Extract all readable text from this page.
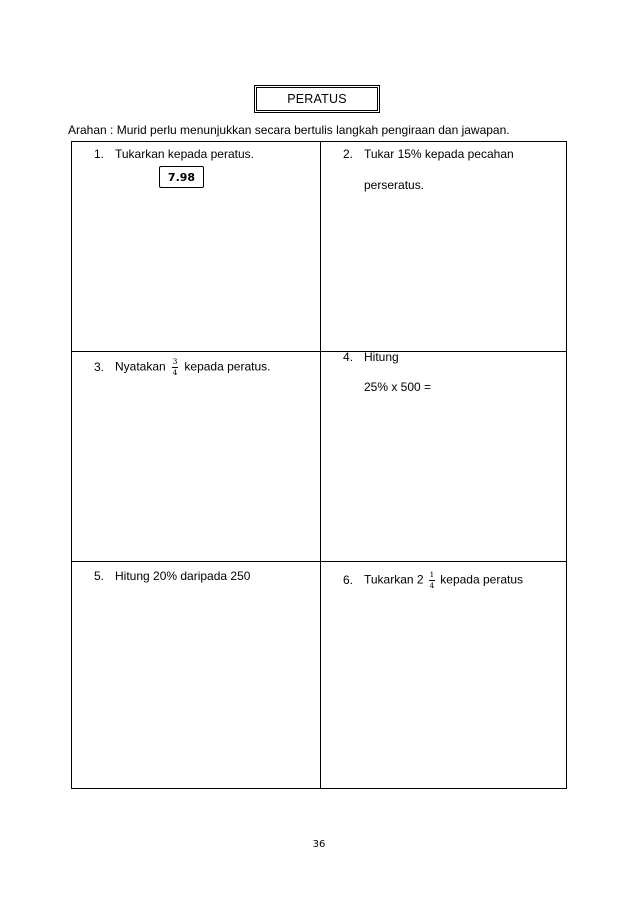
PERATUS
Arahan : Murid perlu menunjukkan secara bertulis langkah pengiraan dan jawapan.
1. Tukarkan kepada peratus.
7.98
2. Tukar 15% kepada pecahan
perseratus.
3. Nyatakan $\frac{3}{4}$ kepada peratus.
4. Hitung
25% x 500 =
5. Hitung 20% daripada 250	6. Tukarkan $2 \frac{1}{4}$ kepada peratus
36
